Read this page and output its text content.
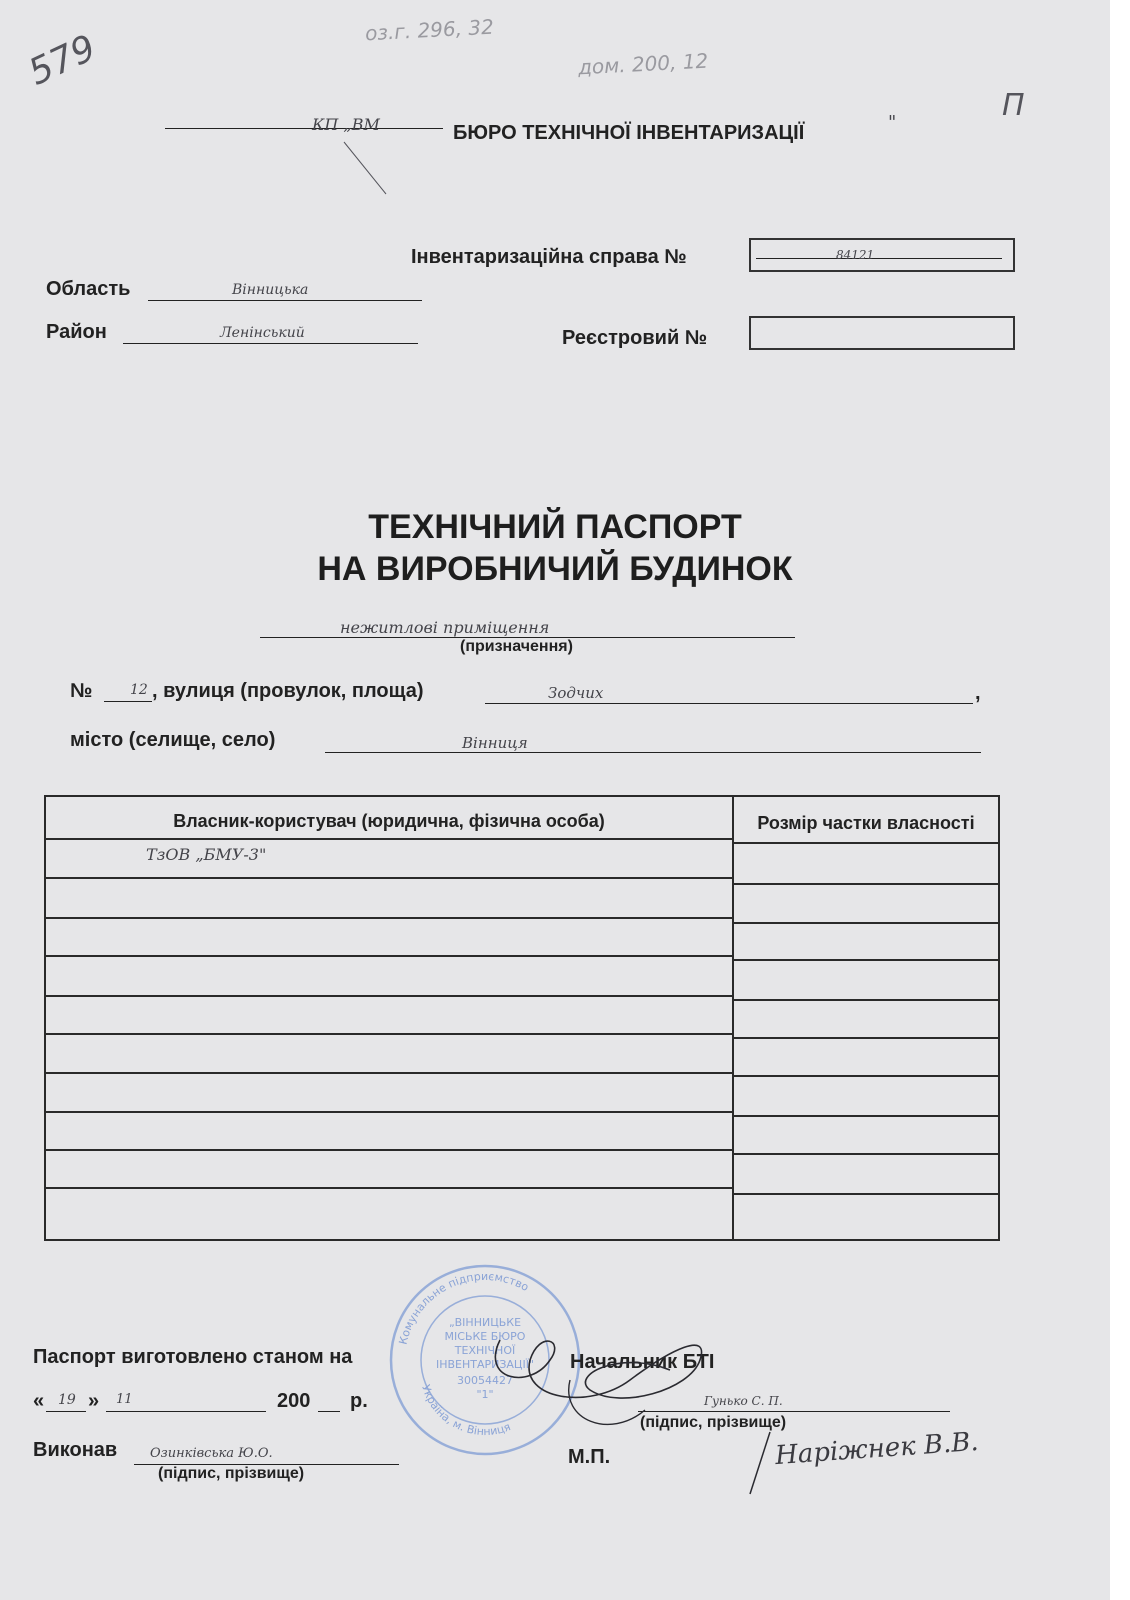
579	оз.г. 296, 32
дом. 200, 12
П
КП „ВМ	БЮРО ТЕХНІЧНОЇ ІНВЕНТАРИЗАЦІЇ	"
Інвентаризаційна справа №	84121
Область	Вінницька
Район	Ленінський	Реєстровий №
ТЕХНІЧНИЙ ПАСПОРТ
НА ВИРОБНИЧИЙ БУДИНОК
нежитлові приміщення
(призначення)
№	12 , вулиця (провулок, площа)	Зодчих	,
місто (селище, село)	Вінниця
Власник-користувач (юридична, фізична особа)	Розмір частки власності
ТзОВ „БМУ-3"
Комунальне підприємство
Україна, м. Вінниця
„ВІННИЦЬКЕ
МІСЬКЕ БЮРО
ТЕХНІЧНОЇ
ІНВЕНТАРИЗАЦІЇ"
30054427
"1"
Паспорт виготовлено станом на	Начальник БТІ
« 19 » 11	200 р.	Гунько С. П.
(підпис, прізвище)
Виконав	Озинківська Ю.О.
(підпис, прізвище)
М.П.	Наріжнек В.В.
